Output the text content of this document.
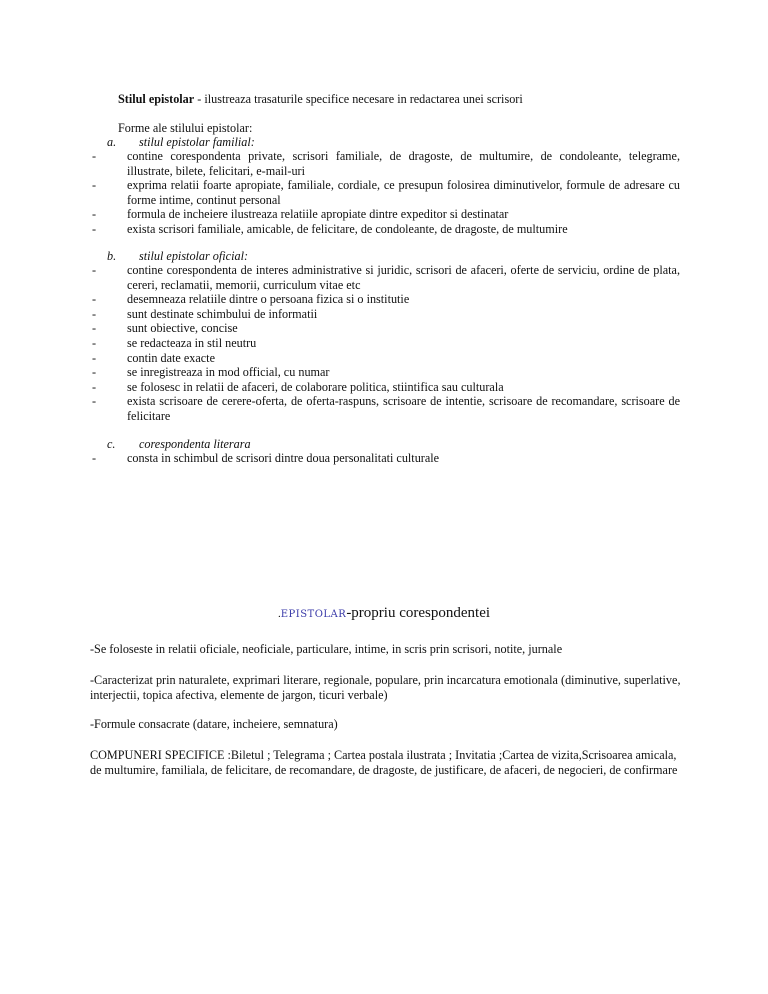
Stilul epistolar - ilustreaza trasaturile specifice necesare in redactarea unei scrisori

Forme ale stilului epistolar:

a. stilul epistolar familial:
-	contine corespondenta private, scrisori familiale, de dragoste, de multumire, de condoleante, telegrame, illustrate, bilete, felicitari, e-mail-uri
-	exprima relatii foarte apropiate, familiale, cordiale, ce presupun folosirea diminutivelor, formule de adresare cu forme intime, continut personal
-	formula de incheiere ilustreaza relatiile apropiate dintre expeditor si destinatar
-	exista scrisori familiale, amicable, de felicitare, de condoleante, de dragoste, de multumire
b. stilul epistolar oficial:
-	contine corespondenta de interes administrative si juridic, scrisori de afaceri, oferte de serviciu, ordine de plata, cereri, reclamatii, memorii, curriculum vitae etc
-	desemneaza relatiile dintre o persoana fizica si o institutie
-	sunt destinate schimbului de informatii
-	sunt obiective, concise
-	se redacteaza in stil neutru
-	contin date exacte
-	se inregistreaza in mod official, cu numar
-	se folosesc in relatii de afaceri, de colaborare politica, stiintifica sau culturala
-	exista scrisoare de cerere-oferta, de oferta-raspuns, scrisoare de intentie, scrisoare de recomandare, scrisoare de felicitare
c. corespondenta literara
-	consta in schimbul de scrisori dintre doua personalitati culturale
.epistolar-propriu corespondentei

-Se foloseste in relatii oficiale, neoficiale, particulare, intime, in scris prin scrisori, notite, jurnale

-Caracterizat prin naturalete, exprimari literare, regionale, populare, prin incarcatura emotionala (diminutive, superlative, interjectii, topica afectiva, elemente de jargon, ticuri verbale)

-Formule consacrate (datare, incheiere, semnatura)

COMPUNERI SPECIFICE :Biletul ; Telegrama ; Cartea postala ilustrata ; Invitatia ;Cartea de vizita,Scrisoarea amicala, de multumire, familiala, de felicitare, de recomandare, de dragoste, de justificare, de afaceri, de negocieri, de confirmare
